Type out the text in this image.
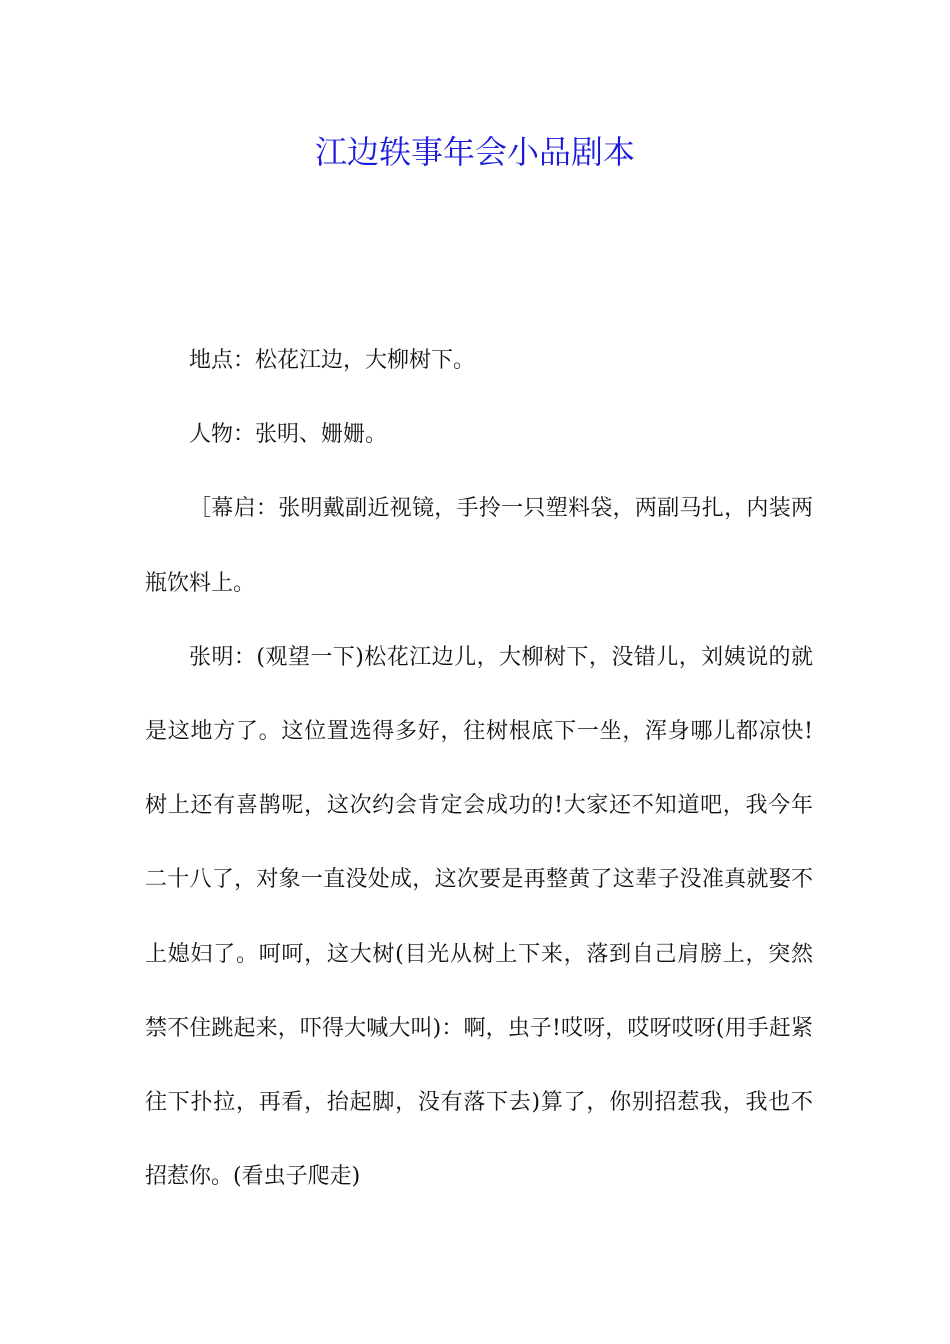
江边轶事年会小品剧本

地点：松花江边，大柳树下。

人物：张明、姗姗。

［幕启：张明戴副近视镜，手拎一只塑料袋，两副马扎，内装两瓶饮料上。

张明：(观望一下)松花江边儿，大柳树下，没错儿，刘姨说的就是这地方了。这位置选得多好，往树根底下一坐，浑身哪儿都凉快!树上还有喜鹊呢，这次约会肯定会成功的!大家还不知道吧，我今年二十八了，对象一直没处成，这次要是再整黄了这辈子没准真就娶不上媳妇了。呵呵，这大树(目光从树上下来，落到自己肩膀上，突然禁不住跳起来，吓得大喊大叫)：啊，虫子!哎呀，哎呀哎呀(用手赶紧往下扑拉，再看，抬起脚，没有落下去)算了，你别招惹我，我也不招惹你。(看虫子爬走)
